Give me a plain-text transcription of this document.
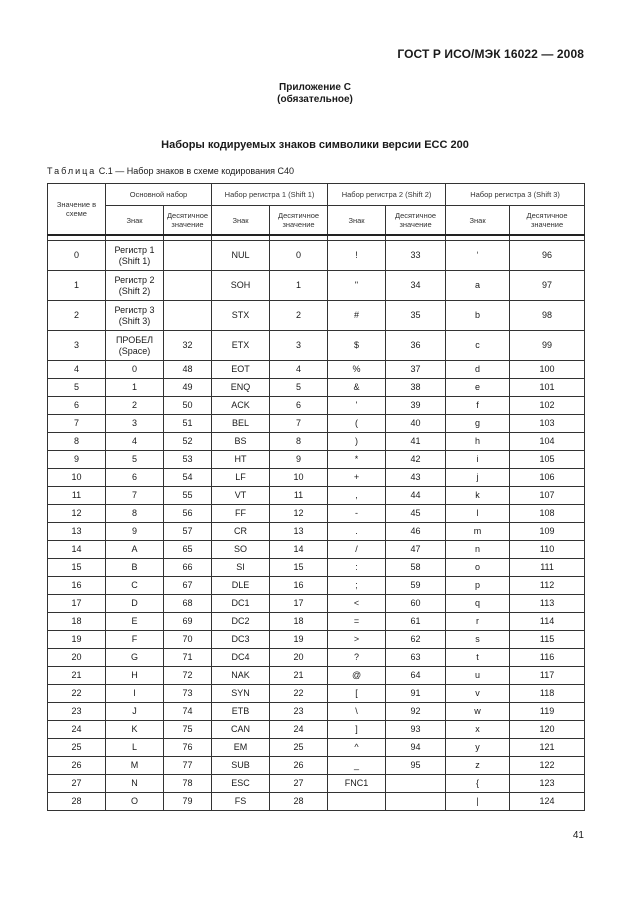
ГОСТ Р ИСО/МЭК 16022 — 2008
Приложение С
(обязательное)
Наборы кодируемых знаков символики версии ECC 200
Таблица С.1 — Набор знаков в схеме кодирования С40
Значение в схеме	Основной набор		Набор регистра 1 (Shift 1)		Набор регистра 2 (Shift 2)		Набор регистра 3 (Shift 3)	
	Знак	Десятичное значение	Знак	Десятичное значение	Знак	Десятичное значение	Знак	Десятичное значение

0	Регистр 1 (Shift 1)		NUL	0	!	33	‘	96
1	Регистр 2 (Shift 2)		SOH	1	"	34	a	97
2	Регистр 3 (Shift 3)		STX	2	#	35	b	98
3	ПРОБЕЛ (Space)	32	ETX	3	$	36	c	99
4	0	48	EOT	4	%	37	d	100
5	1	49	ENQ	5	&	38	e	101
6	2	50	ACK	6	'	39	f	102
7	3	51	BEL	7	(	40	g	103
8	4	52	BS	8	)	41	h	104
9	5	53	HT	9	*	42	i	105
10	6	54	LF	10	+	43	j	106
11	7	55	VT	11	,	44	k	107
12	8	56	FF	12	-	45	l	108
13	9	57	CR	13	.	46	m	109
14	A	65	SO	14	/	47	n	110
15	B	66	SI	15	:	58	o	111
16	C	67	DLE	16	;	59	p	112
17	D	68	DC1	17	<	60	q	113
18	E	69	DC2	18	=	61	r	114
19	F	70	DC3	19	>	62	s	115
20	G	71	DC4	20	?	63	t	116
21	H	72	NAK	21	@	64	u	117
22	I	73	SYN	22	[	91	v	118
23	J	74	ETB	23	\	92	w	119
24	K	75	CAN	24	]	93	x	120
25	L	76	EM	25	^	94	y	121
26	M	77	SUB	26	_	95	z	122
27	N	78	ESC	27	FNC1		{	123
28	O	79	FS	28			|	124
41
